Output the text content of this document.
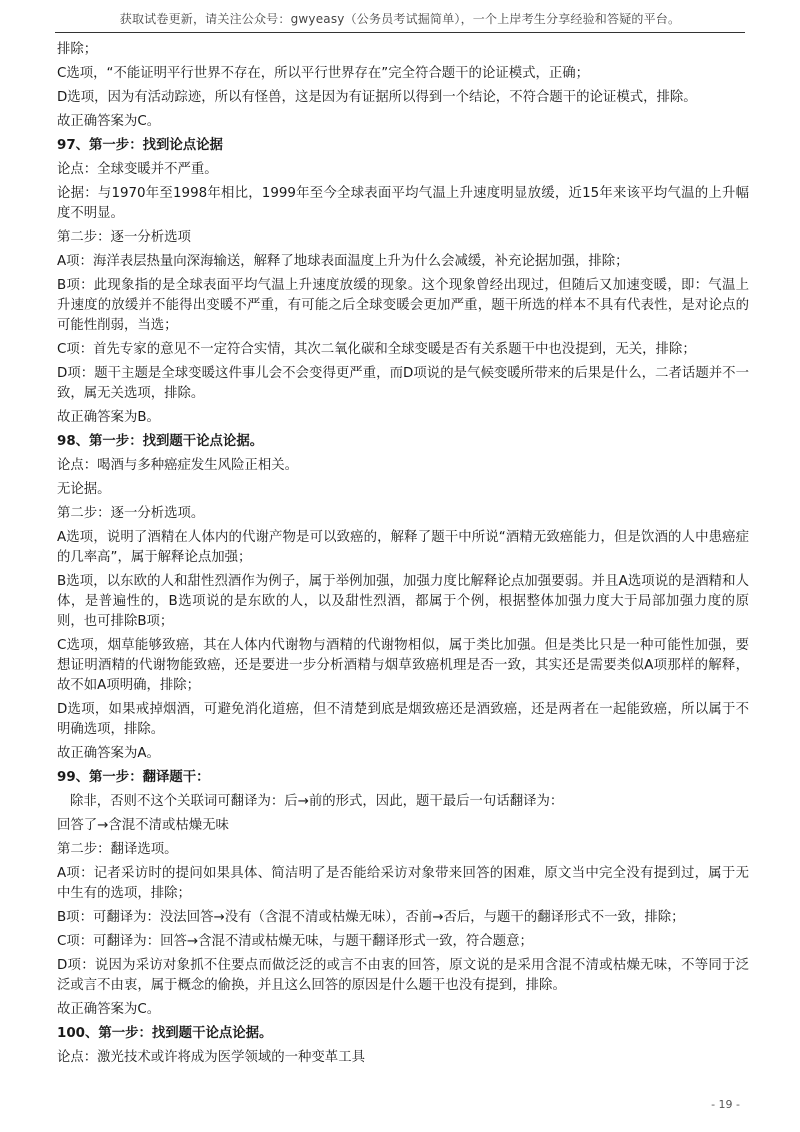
获取试卷更新，请关注公众号：gwyeasy（公务员考试掘简单），一个上岸考生分享经验和答疑的平台。

排除；

C选项，“不能证明平行世界不存在，所以平行世界存在”完全符合题干的论证模式，正确；

D选项，因为有活动踪迹，所以有怪兽，这是因为有证据所以得到一个结论，不符合题干的论证模式，排除。

故正确答案为C。

97、第一步：找到论点论据

论点：全球变暖并不严重。

论据：与1970年至1998年相比，1999年至今全球表面平均气温上升速度明显放缓，近15年来该平均气温的上升幅度不明显。

第二步：逐一分析选项

A项：海洋表层热量向深海输送，解释了地球表面温度上升为什么会减缓，补充论据加强，排除；

B项：此现象指的是全球表面平均气温上升速度放缓的现象。这个现象曾经出现过，但随后又加速变暖，即：气温上升速度的放缓并不能得出变暖不严重，有可能之后全球变暖会更加严重，题干所选的样本不具有代表性，是对论点的可能性削弱，当选；

C项：首先专家的意见不一定符合实情，其次二氧化碳和全球变暖是否有关系题干中也没提到，无关，排除；

D项：题干主题是全球变暖这件事儿会不会变得更严重，而D项说的是气候变暖所带来的后果是什么，二者话题并不一致，属无关选项，排除。

故正确答案为B。

98、第一步：找到题干论点论据。

论点：喝酒与多种癌症发生风险正相关。

无论据。

第二步：逐一分析选项。

A选项，说明了酒精在人体内的代谢产物是可以致癌的，解释了题干中所说“酒精无致癌能力，但是饮酒的人中患癌症的几率高”，属于解释论点加强；

B选项，以东欧的人和甜性烈酒作为例子，属于举例加强，加强力度比解释论点加强要弱。并且A选项说的是酒精和人体，是普遍性的，B选项说的是东欧的人，以及甜性烈酒，都属于个例，根据整体加强力度大于局部加强力度的原则，也可排除B项；

C选项，烟草能够致癌，其在人体内代谢物与酒精的代谢物相似，属于类比加强。但是类比只是一种可能性加强，要想证明酒精的代谢物能致癌，还是要进一步分析酒精与烟草致癌机理是否一致，其实还是需要类似A项那样的解释，故不如A项明确，排除；

D选项，如果戒掉烟酒，可避免消化道癌，但不清楚到底是烟致癌还是酒致癌，还是两者在一起能致癌，所以属于不明确选项，排除。

故正确答案为A。

99、第一步：翻译题干：

除非，否则不这个关联词可翻译为：后→前的形式，因此，题干最后一句话翻译为：

回答了→含混不清或枯燥无味

第二步：翻译选项。

A项：记者采访时的提问如果具体、简洁明了是否能给采访对象带来回答的困难，原文当中完全没有提到过，属于无中生有的选项，排除；

B项：可翻译为：没法回答→没有（含混不清或枯燥无味），否前→否后，与题干的翻译形式不一致，排除；

C项：可翻译为：回答→含混不清或枯燥无味，与题干翻译形式一致，符合题意；

D项：说因为采访对象抓不住要点而做泛泛的或言不由衷的回答，原文说的是采用含混不清或枯燥无味，不等同于泛泛或言不由衷，属于概念的偷换，并且这么回答的原因是什么题干也没有提到，排除。

故正确答案为C。

100、第一步：找到题干论点论据。

论点：激光技术或许将成为医学领域的一种变革工具

- 19 -
